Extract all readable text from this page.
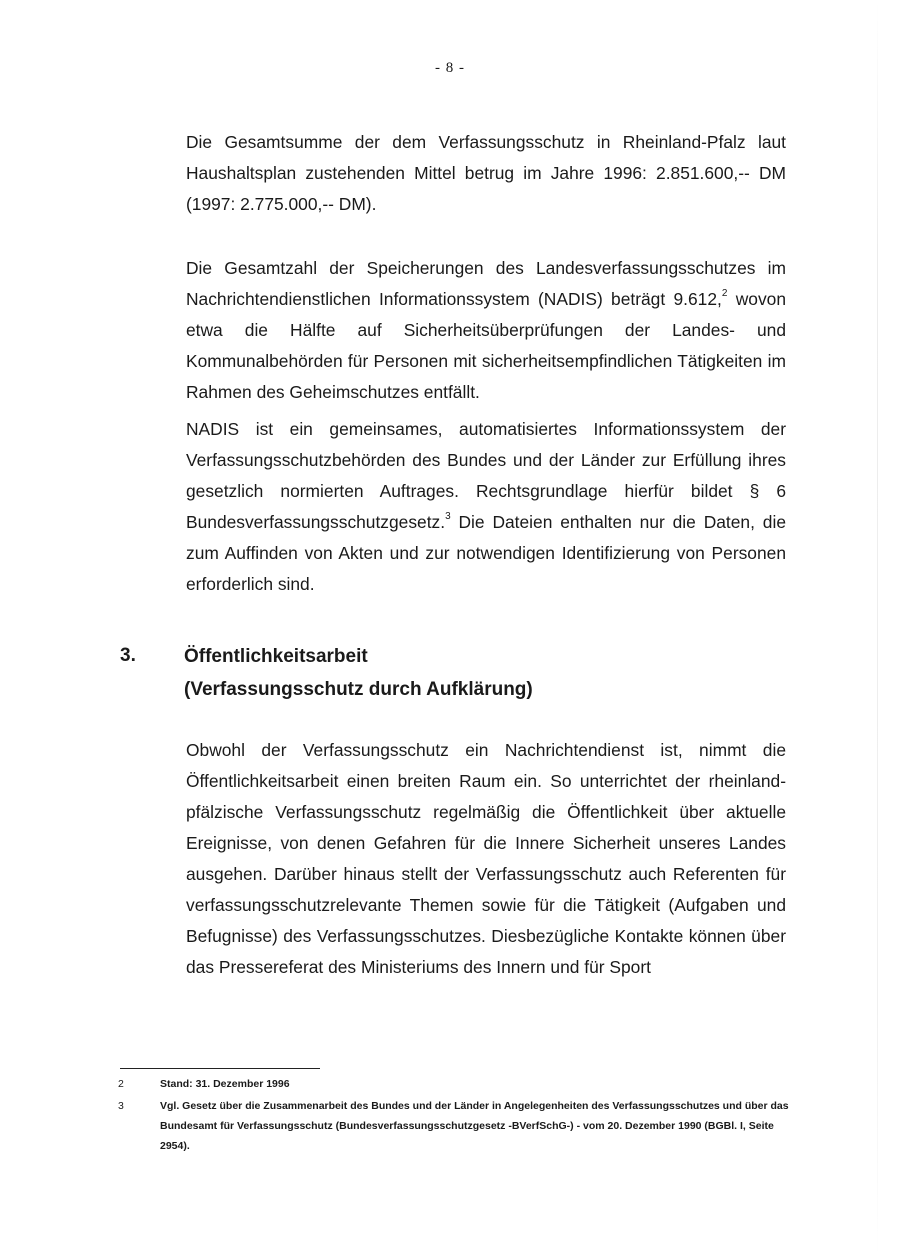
- 8 -

Die Gesamtsumme der dem Verfassungsschutz in Rheinland-Pfalz laut Haushaltsplan zustehenden Mittel betrug im Jahre 1996: 2.851.600,-- DM (1997: 2.775.000,-- DM).

Die Gesamtzahl der Speicherungen des Landesverfassungsschutzes im Nachrichtendienstlichen Informationssystem (NADIS) beträgt 9.612,$^2$ wovon etwa die Hälfte auf Sicherheitsüberprüfungen der Landes- und Kommunalbehörden für Personen mit sicherheitsempfindlichen Tätigkeiten im Rahmen des Geheimschutzes entfällt.

NADIS ist ein gemeinsames, automatisiertes Informationssystem der Verfassungsschutzbehörden des Bundes und der Länder zur Erfüllung ihres gesetzlich normierten Auftrages. Rechtsgrundlage hierfür bildet § 6 Bundesverfassungsschutzgesetz.$^3$ Die Dateien enthalten nur die Daten, die zum Auffinden von Akten und zur notwendigen Identifizierung von Personen erforderlich sind.

3.	Öffentlichkeitsarbeit
(Verfassungsschutz durch Aufklärung)

Obwohl der Verfassungsschutz ein Nachrichtendienst ist, nimmt die Öffentlichkeitsarbeit einen breiten Raum ein. So unterrichtet der rheinland-pfälzische Verfassungsschutz regelmäßig die Öffentlichkeit über aktuelle Ereignisse, von denen Gefahren für die Innere Sicherheit unseres Landes ausgehen. Darüber hinaus stellt der Verfassungsschutz auch Referenten für verfassungsschutzrelevante Themen sowie für die Tätigkeit (Aufgaben und Befugnisse) des Verfassungsschutzes. Diesbezügliche Kontakte können über das Pressereferat des Ministeriums des Innern und für Sport

2	Stand: 31. Dezember 1996
3	Vgl. Gesetz über die Zusammenarbeit des Bundes und der Länder in Angelegenheiten des Verfassungsschutzes und über das Bundesamt für Verfassungsschutz (Bundesverfassungsschutzgesetz -BVerfSchG-) - vom 20. Dezember 1990 (BGBl. I, Seite 2954).
